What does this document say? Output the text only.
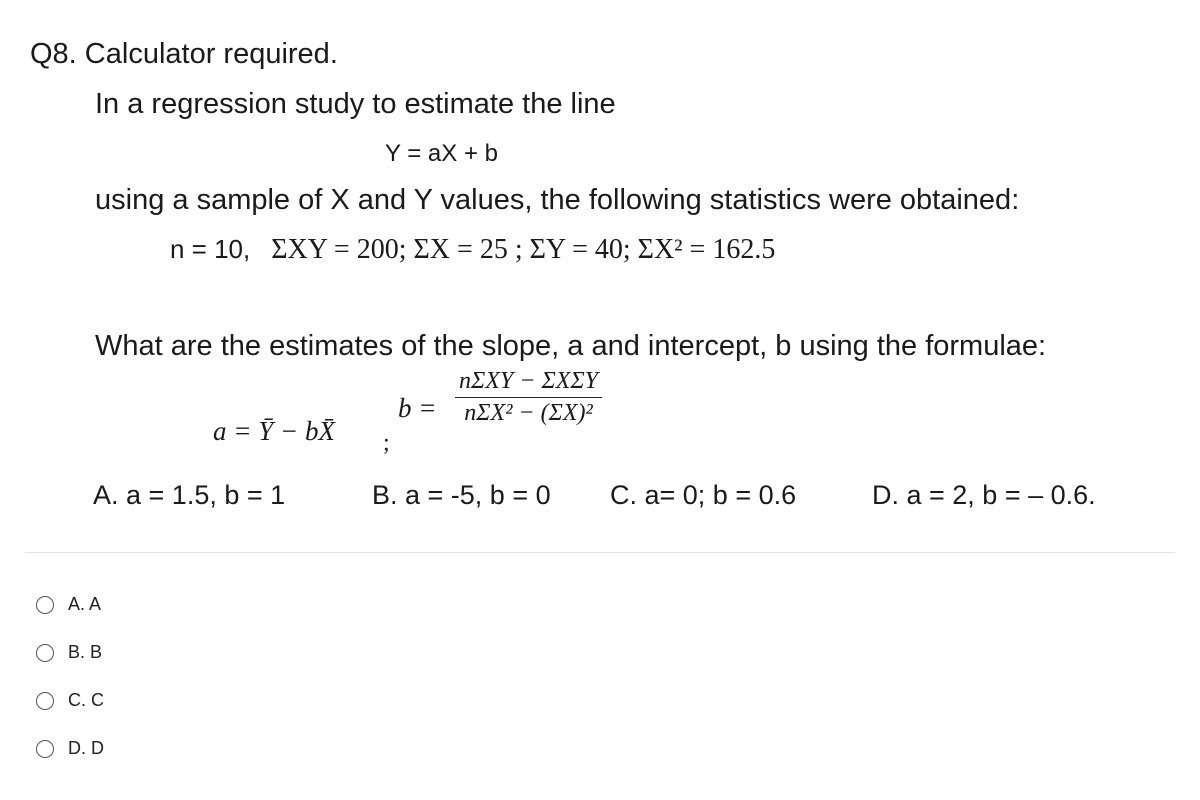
Q8. Calculator required.
In a regression study to estimate the line
Y = aX + b
using a sample of X and Y values, the following statistics were obtained:
n = 10, ΣXY = 200; ΣX = 25 ; ΣY = 40; ΣX² = 162.5
What are the estimates of the slope, a and intercept, b using the formulae:
a = Ȳ − bX̄ ;
b =
nΣXY − ΣXΣY
nΣX² − (ΣX)²
A. a = 1.5, b = 1	B. a = -5, b = 0 C. a= 0; b = 0.6	D. a = 2, b = – 0.6.
A. A
B. B
C. C
D. D
